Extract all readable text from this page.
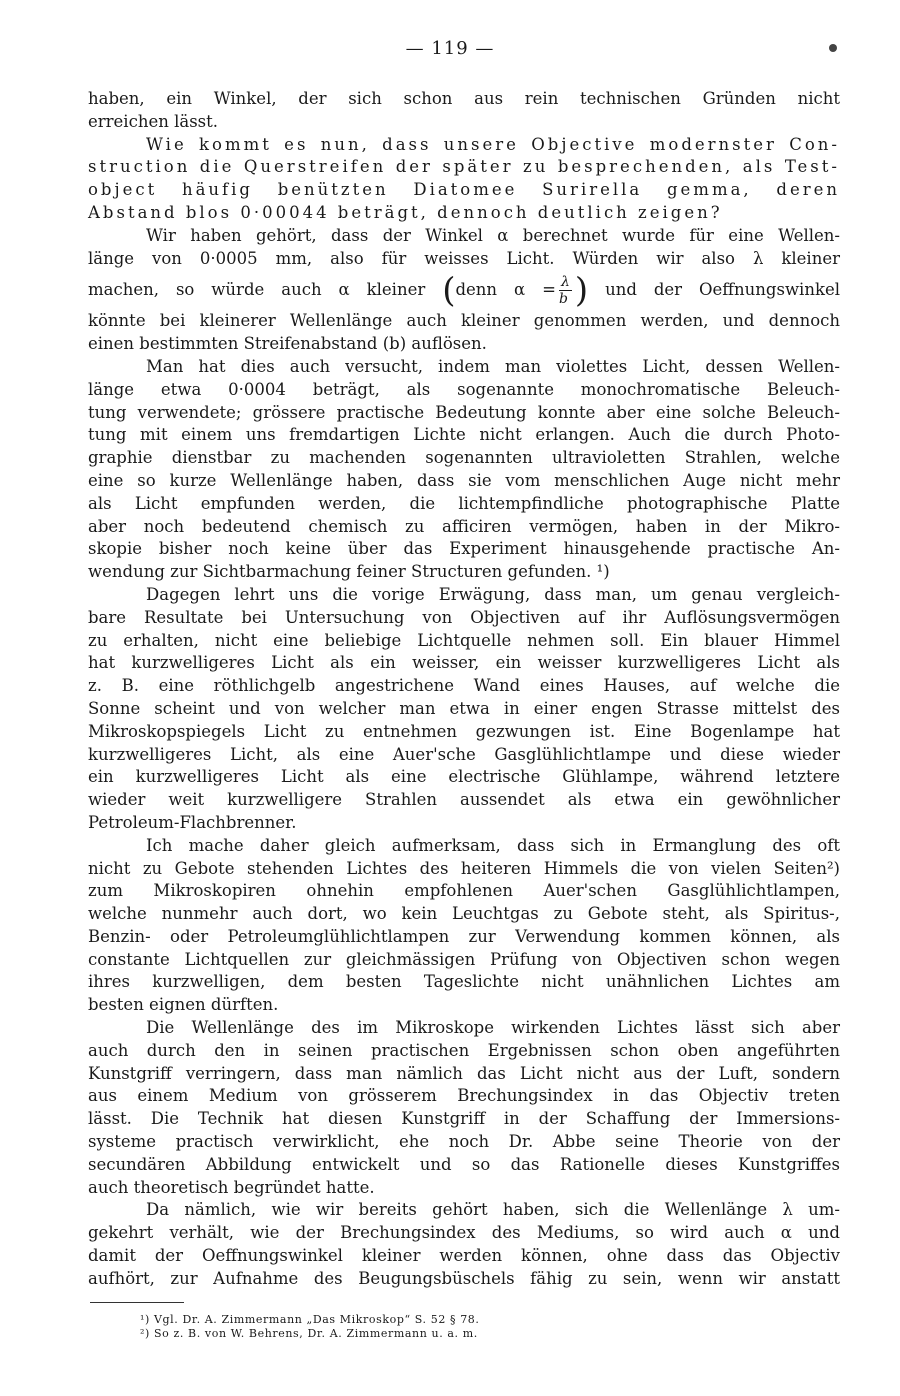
— 119 —
haben, ein Winkel, der sich schon aus rein technischen Gründen nicht
erreichen lässt.
Wie kommt es nun, dass unsere Objective modernster Con-
struction die Querstreifen der später zu besprechenden, als Test-
object häufig benützten Diatomee Surirella gemma, deren
Abstand blos 0·00044 beträgt, dennoch deutlich zeigen?
Wir haben gehört, dass der Winkel α berechnet wurde für eine Wellen-
länge von 0·0005 mm, also für weisses Licht. Würden wir also λ kleiner
machen, so würde auch α kleiner (denn $\alpha = \frac{\lambda}{b}$ ) und der Oeffnungswinkel
könnte bei kleinerer Wellenlänge auch kleiner genommen werden, und dennoch
einen bestimmten Streifenabstand (b) auflösen.
Man hat dies auch versucht, indem man violettes Licht, dessen Wellen-
länge etwa 0·0004 beträgt, als sogenannte monochromatische Beleuch-
tung verwendete; grössere practische Bedeutung konnte aber eine solche Beleuch-
tung mit einem uns fremdartigen Lichte nicht erlangen. Auch die durch Photo-
graphie dienstbar zu machenden sogenannten ultravioletten Strahlen, welche
eine so kurze Wellenlänge haben, dass sie vom menschlichen Auge nicht mehr
als Licht empfunden werden, die lichtempfindliche photographische Platte
aber noch bedeutend chemisch zu afficiren vermögen, haben in der Mikro-
skopie bisher noch keine über das Experiment hinausgehende practische An-
wendung zur Sichtbarmachung feiner Structuren gefunden. ¹)
Dagegen lehrt uns die vorige Erwägung, dass man, um genau vergleich-
bare Resultate bei Untersuchung von Objectiven auf ihr Auflösungsvermögen
zu erhalten, nicht eine beliebige Lichtquelle nehmen soll. Ein blauer Himmel
hat kurzwelligeres Licht als ein weisser, ein weisser kurzwelligeres Licht als
z. B. eine röthlichgelb angestrichene Wand eines Hauses, auf welche die
Sonne scheint und von welcher man etwa in einer engen Strasse mittelst des
Mikroskopspiegels Licht zu entnehmen gezwungen ist. Eine Bogenlampe hat
kurzwelligeres Licht, als eine Auer'sche Gasglühlichtlampe und diese wieder
ein kurzwelligeres Licht als eine electrische Glühlampe, während letztere
wieder weit kurzwelligere Strahlen aussendet als etwa ein gewöhnlicher
Petroleum-Flachbrenner.
Ich mache daher gleich aufmerksam, dass sich in Ermanglung des oft
nicht zu Gebote stehenden Lichtes des heiteren Himmels die von vielen Seiten²)
zum Mikroskopiren ohnehin empfohlenen Auer'schen Gasglühlichtlampen,
welche nunmehr auch dort, wo kein Leuchtgas zu Gebote steht, als Spiritus-,
Benzin- oder Petroleumglühlichtlampen zur Verwendung kommen können, als
constante Lichtquellen zur gleichmässigen Prüfung von Objectiven schon wegen
ihres kurzwelligen, dem besten Tageslichte nicht unähnlichen Lichtes am
besten eignen dürften.
Die Wellenlänge des im Mikroskope wirkenden Lichtes lässt sich aber
auch durch den in seinen practischen Ergebnissen schon oben angeführten
Kunstgriff verringern, dass man nämlich das Licht nicht aus der Luft, sondern
aus einem Medium von grösserem Brechungsindex in das Objectiv treten
lässt. Die Technik hat diesen Kunstgriff in der Schaffung der Immersions-
systeme practisch verwirklicht, ehe noch Dr. Abbe seine Theorie von der
secundären Abbildung entwickelt und so das Rationelle dieses Kunstgriffes
auch theoretisch begründet hatte.
Da nämlich, wie wir bereits gehört haben, sich die Wellenlänge λ um-
gekehrt verhält, wie der Brechungsindex des Mediums, so wird auch α und
damit der Oeffnungswinkel kleiner werden können, ohne dass das Objectiv
aufhört, zur Aufnahme des Beugungsbüschels fähig zu sein, wenn wir anstatt
¹) Vgl. Dr. A. Zimmermann „Das Mikroskop“ S. 52 § 78.
²) So z. B. von W. Behrens, Dr. A. Zimmermann u. a. m.
